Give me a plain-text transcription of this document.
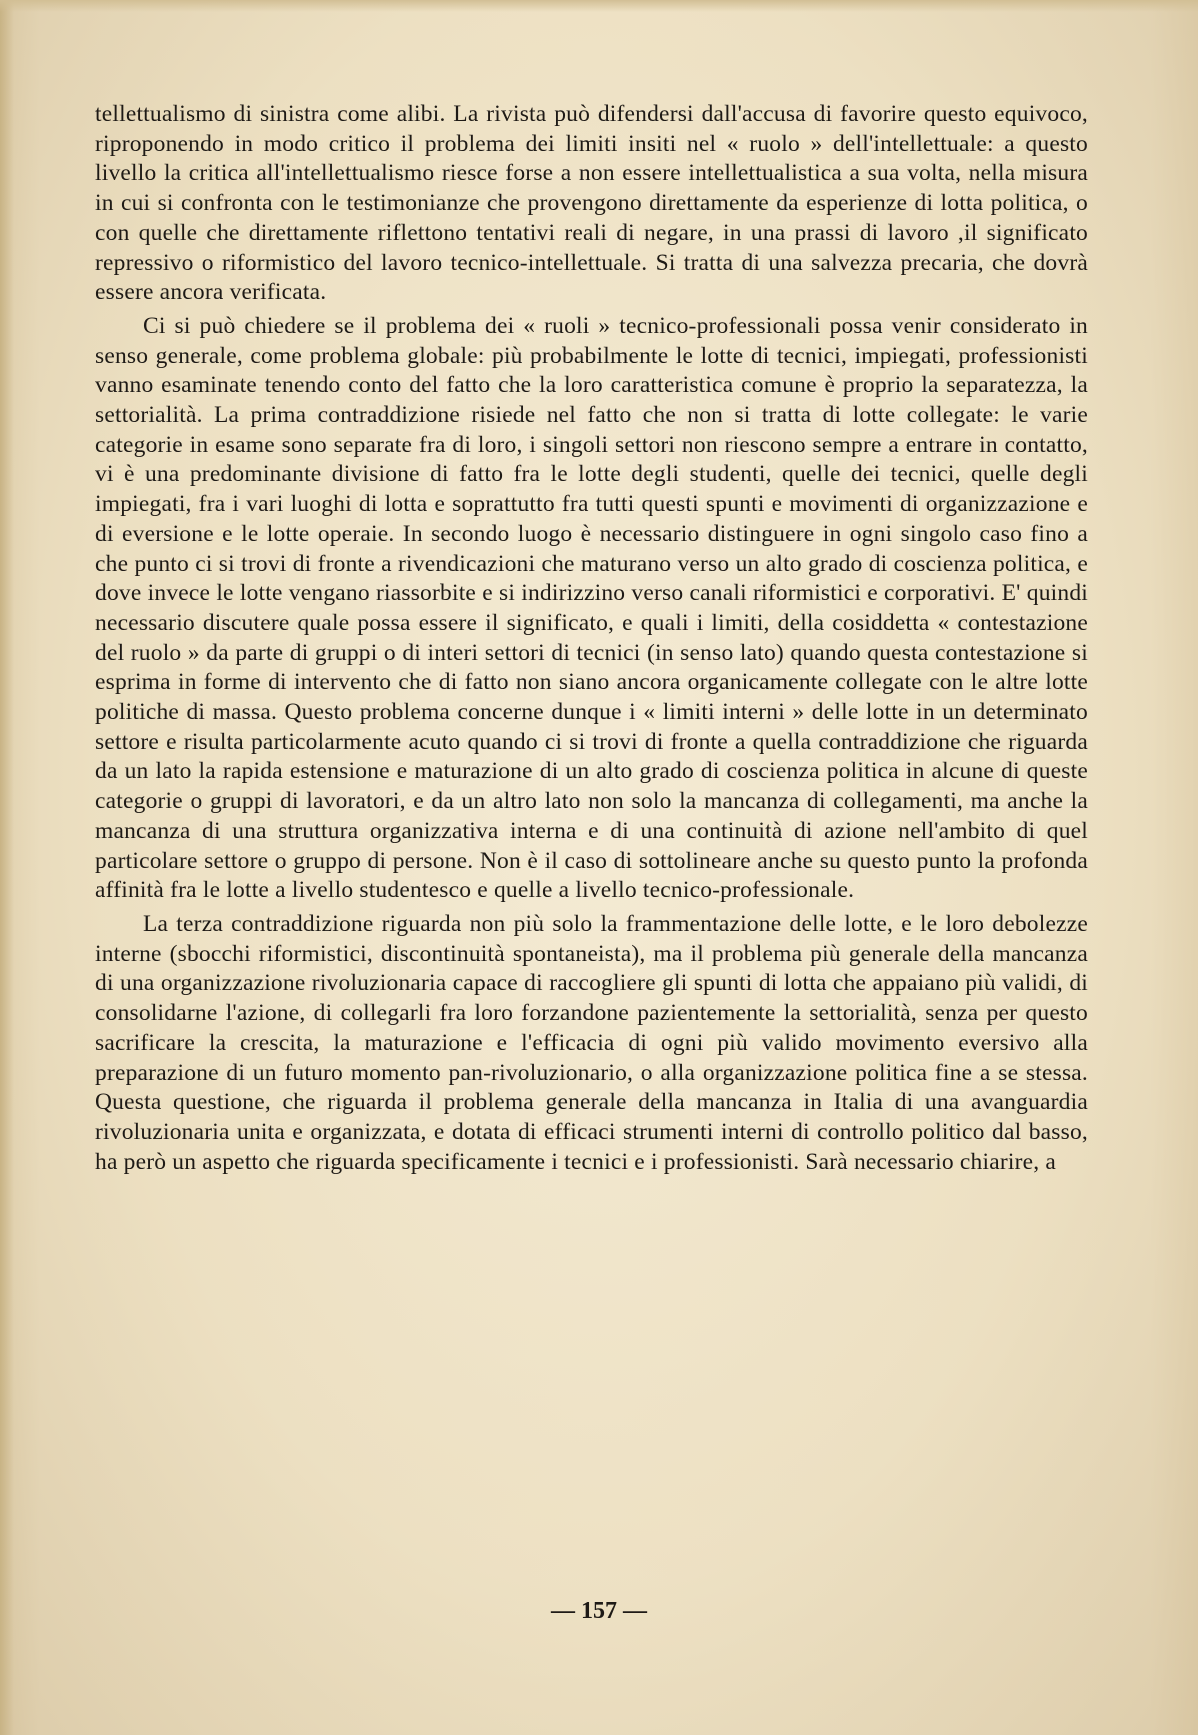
tellettualismo di sinistra come alibi. La rivista può difendersi dall'accusa di favorire questo equivoco, riproponendo in modo critico il problema dei limiti insiti nel « ruolo » dell'intellettuale: a questo livello la critica all'intellettualismo riesce forse a non essere intellettualistica a sua volta, nella misura in cui si confronta con le testimonianze che provengono direttamente da esperienze di lotta politica, o con quelle che direttamente riflettono tentativi reali di negare, in una prassi di lavoro ,il significato repressivo o riformistico del lavoro tecnico-intellettuale. Si tratta di una salvezza precaria, che dovrà essere ancora verificata.

Ci si può chiedere se il problema dei « ruoli » tecnico-professionali possa venir considerato in senso generale, come problema globale: più probabilmente le lotte di tecnici, impiegati, professionisti vanno esaminate tenendo conto del fatto che la loro caratteristica comune è proprio la separatezza, la settorialità. La prima contraddizione risiede nel fatto che non si tratta di lotte collegate: le varie categorie in esame sono separate fra di loro, i singoli settori non riescono sempre a entrare in contatto, vi è una predominante divisione di fatto fra le lotte degli studenti, quelle dei tecnici, quelle degli impiegati, fra i vari luoghi di lotta e soprattutto fra tutti questi spunti e movimenti di organizzazione e di eversione e le lotte operaie. In secondo luogo è necessario distinguere in ogni singolo caso fino a che punto ci si trovi di fronte a rivendicazioni che maturano verso un alto grado di coscienza politica, e dove invece le lotte vengano riassorbite e si indirizzino verso canali riformistici e corporativi. E' quindi necessario discutere quale possa essere il significato, e quali i limiti, della cosiddetta « contestazione del ruolo » da parte di gruppi o di interi settori di tecnici (in senso lato) quando questa contestazione si esprima in forme di intervento che di fatto non siano ancora organicamente collegate con le altre lotte politiche di massa. Questo problema concerne dunque i « limiti interni » delle lotte in un determinato settore e risulta particolarmente acuto quando ci si trovi di fronte a quella contraddizione che riguarda da un lato la rapida estensione e maturazione di un alto grado di coscienza politica in alcune di queste categorie o gruppi di lavoratori, e da un altro lato non solo la mancanza di collegamenti, ma anche la mancanza di una struttura organizzativa interna e di una continuità di azione nell'ambito di quel particolare settore o gruppo di persone. Non è il caso di sottolineare anche su questo punto la profonda affinità fra le lotte a livello studentesco e quelle a livello tecnico-professionale.

La terza contraddizione riguarda non più solo la frammentazione delle lotte, e le loro debolezze interne (sbocchi riformistici, discontinuità spontaneista), ma il problema più generale della mancanza di una organizzazione rivoluzionaria capace di raccogliere gli spunti di lotta che appaiano più validi, di consolidarne l'azione, di collegarli fra loro forzandone pazientemente la settorialità, senza per questo sacrificare la crescita, la maturazione e l'efficacia di ogni più valido movimento eversivo alla preparazione di un futuro momento pan-rivoluzionario, o alla organizzazione politica fine a se stessa. Questa questione, che riguarda il problema generale della mancanza in Italia di una avanguardia rivoluzionaria unita e organizzata, e dotata di efficaci strumenti interni di controllo politico dal basso, ha però un aspetto che riguarda specificamente i tecnici e i professionisti. Sarà necessario chiarire, a

— 157 —
